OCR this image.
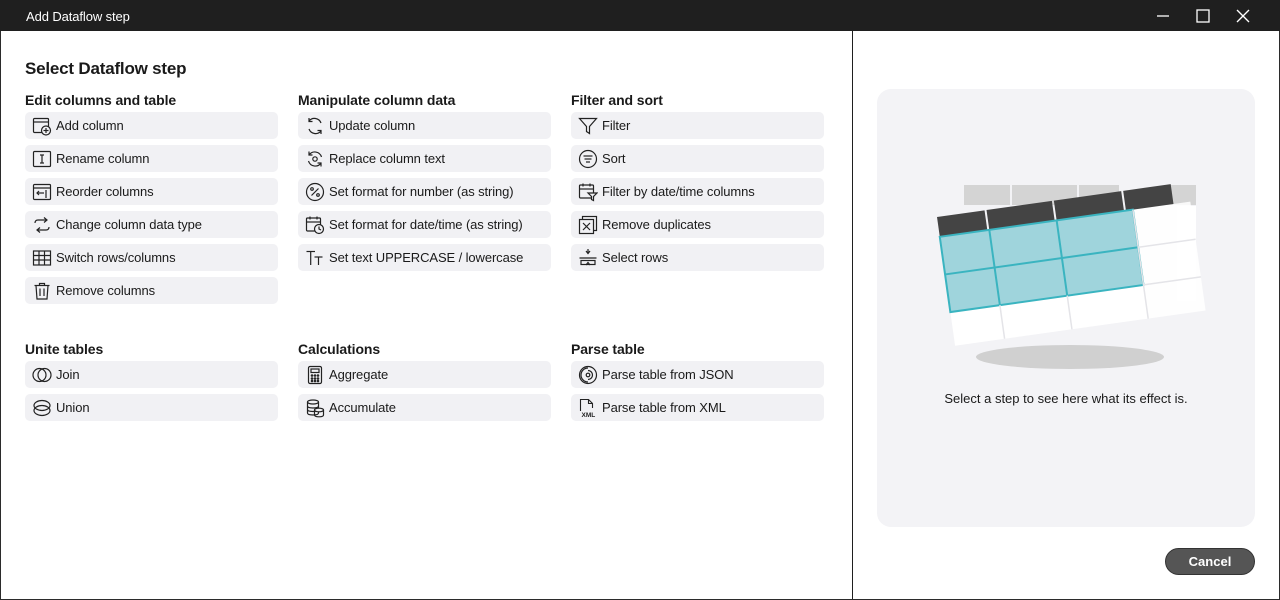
Add Dataflow step
Select Dataflow step
Edit columns and table
Add column
Rename column
Reorder columns
Change column data type
Switch rows/columns
Remove columns
Manipulate column data
Update column
Replace column text
Set format for number (as string)
Set format for date/time (as string)
Set text UPPERCASE / lowercase
Filter and sort
Filter
Sort
Filter by date/time columns
Remove duplicates
Select rows
Unite tables
Join
Union
Calculations
Aggregate
Accumulate
Parse table
Parse table from JSON
XML Parse table from XML
Select a step to see here what its effect is.
Cancel
